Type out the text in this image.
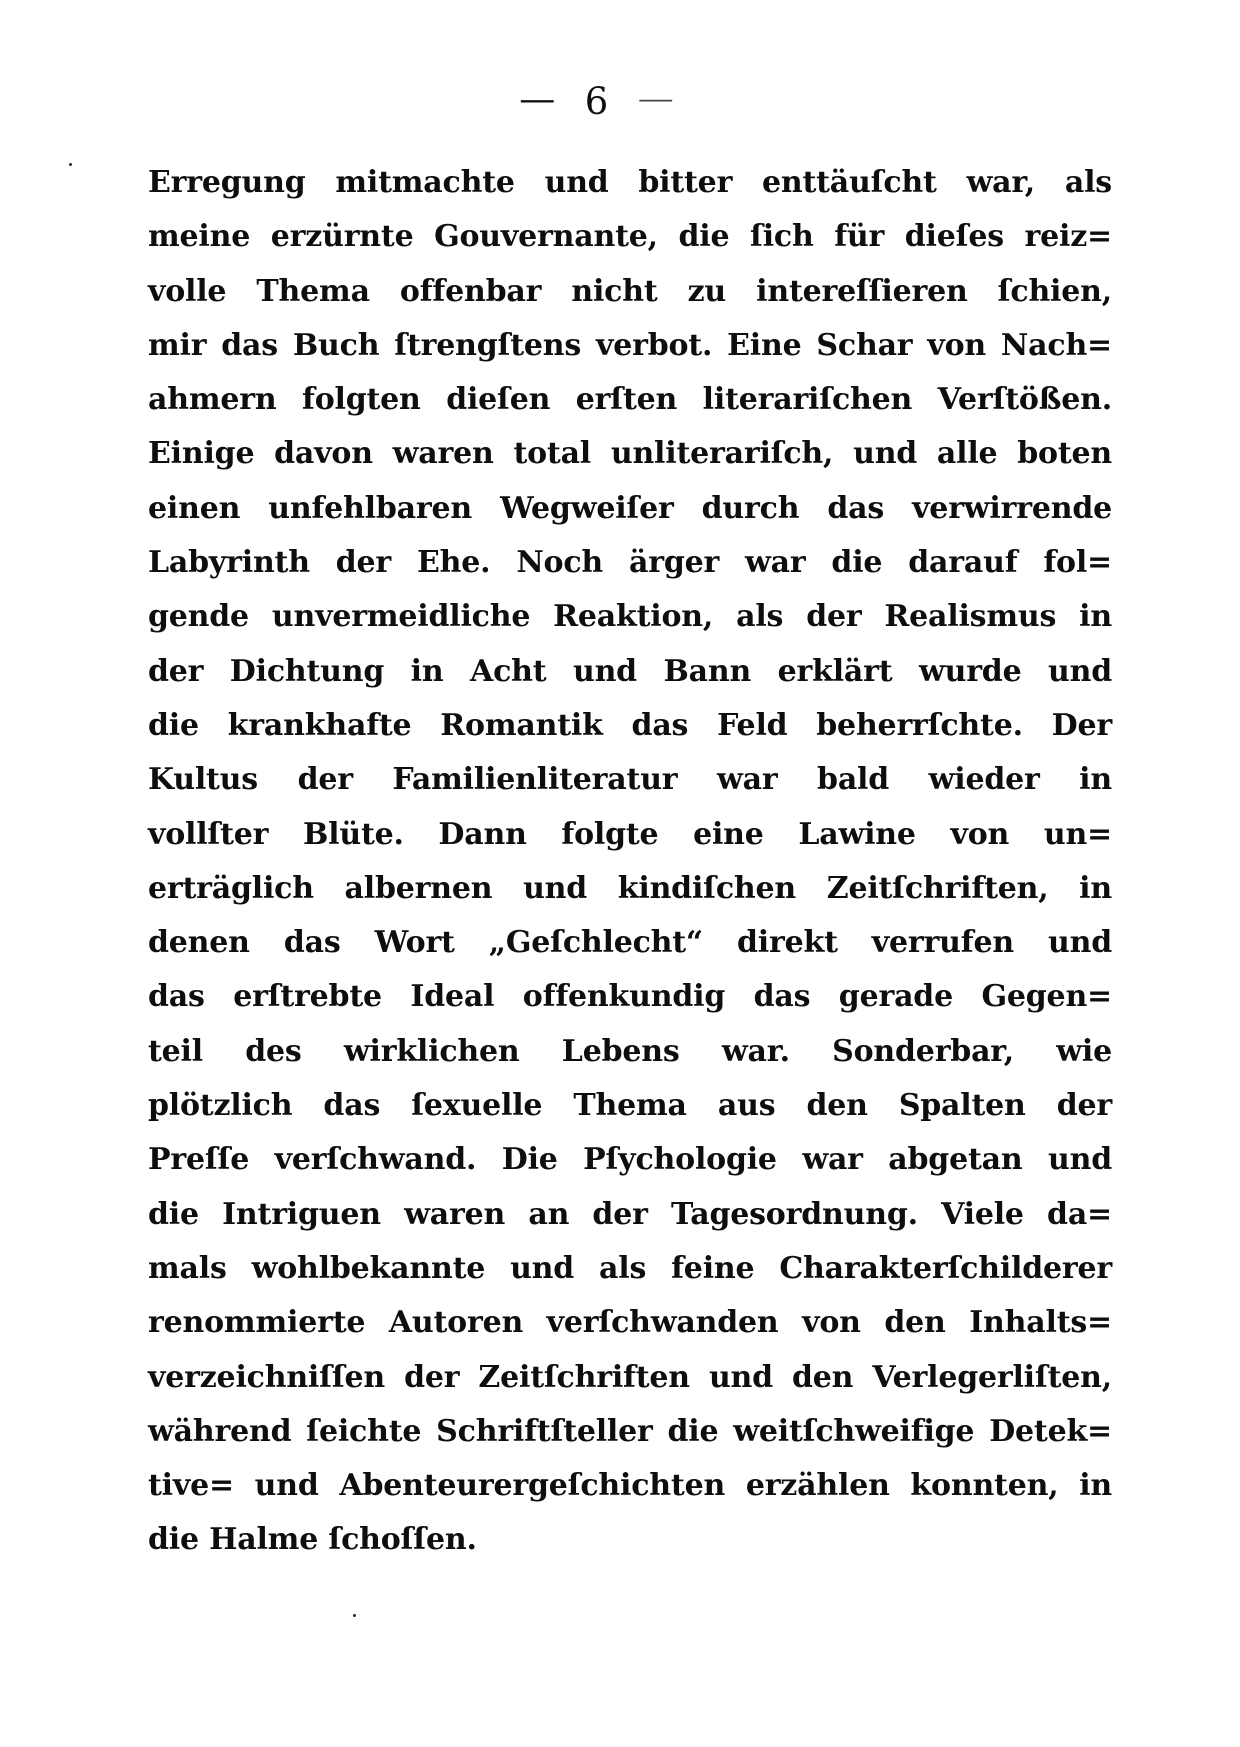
— 6 —
Erregung mitmachte und bitter enttäuſcht war, als
meine erzürnte Gouvernante, die ſich für dieſes reiz=
volle Thema offenbar nicht zu intereſſieren ſchien,
mir das Buch ſtrengſtens verbot. Eine Schar von Nach=
ahmern folgten dieſen erſten literariſchen Verſtößen.
Einige davon waren total unliterariſch, und alle boten
einen unfehlbaren Wegweiſer durch das verwirrende
Labyrinth der Ehe. Noch ärger war die darauf fol=
gende unvermeidliche Reaktion, als der Realismus in
der Dichtung in Acht und Bann erklärt wurde und
die krankhafte Romantik das Feld beherrſchte. Der
Kultus der Familienliteratur war bald wieder in
vollſter Blüte. Dann folgte eine Lawine von un=
erträglich albernen und kindiſchen Zeitſchriften, in
denen das Wort „Geſchlecht“ direkt verrufen und
das erſtrebte Ideal offenkundig das gerade Gegen=
teil des wirklichen Lebens war. Sonderbar, wie
plötzlich das ſexuelle Thema aus den Spalten der
Preſſe verſchwand. Die Pſychologie war abgetan und
die Intriguen waren an der Tagesordnung. Viele da=
mals wohlbekannte und als feine Charakterſchilderer
renommierte Autoren verſchwanden von den Inhalts=
verzeichniſſen der Zeitſchriften und den Verlegerliſten,
während ſeichte Schriftſteller die weitſchweifige Detek=
tive= und Abenteurergeſchichten erzählen konnten, in
die Halme ſchoſſen.
